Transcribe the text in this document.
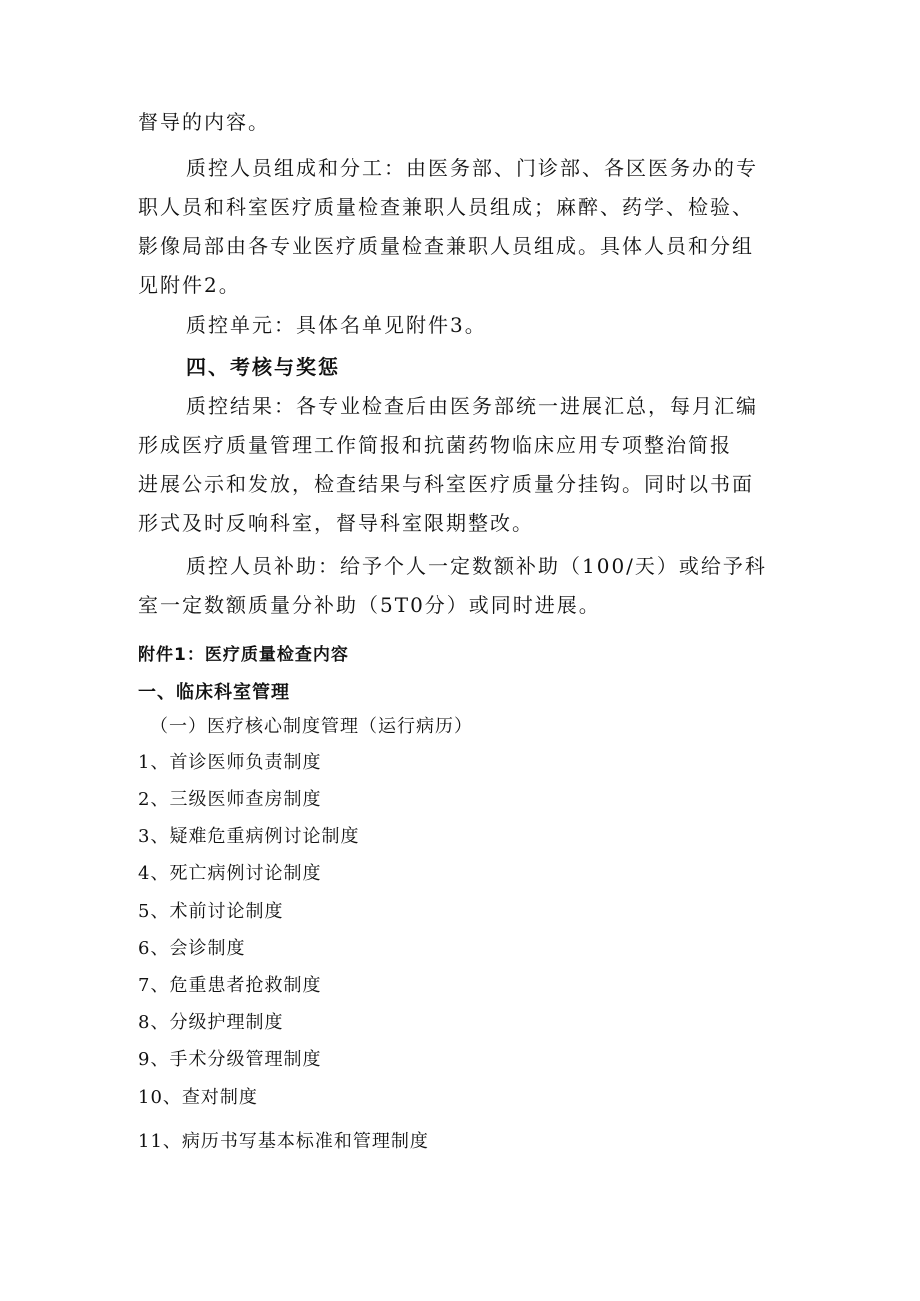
督导的内容。
质控人员组成和分工：由医务部、门诊部、各区医务办的专
职人员和科室医疗质量检查兼职人员组成；麻醉、药学、检验、
影像局部由各专业医疗质量检查兼职人员组成。具体人员和分组
见附件2。
质控单元：具体名单见附件3。
四、考核与奖惩
质控结果：各专业检查后由医务部统一进展汇总，每月汇编
形成医疗质量管理工作简报和抗菌药物临床应用专项整治简报
进展公示和发放，检查结果与科室医疗质量分挂钩。同时以书面
形式及时反响科室，督导科室限期整改。
质控人员补助：给予个人一定数额补助（100/天）或给予科
室一定数额质量分补助（5T0分）或同时进展。
附件1：医疗质量检查内容
一、临床科室管理
（一）医疗核心制度管理（运行病历）
1、首诊医师负责制度
2、三级医师查房制度
3、疑难危重病例讨论制度
4、死亡病例讨论制度
5、术前讨论制度
6、会诊制度
7、危重患者抢救制度
8、分级护理制度
9、手术分级管理制度
10、查对制度
11、病历书写基本标准和管理制度
